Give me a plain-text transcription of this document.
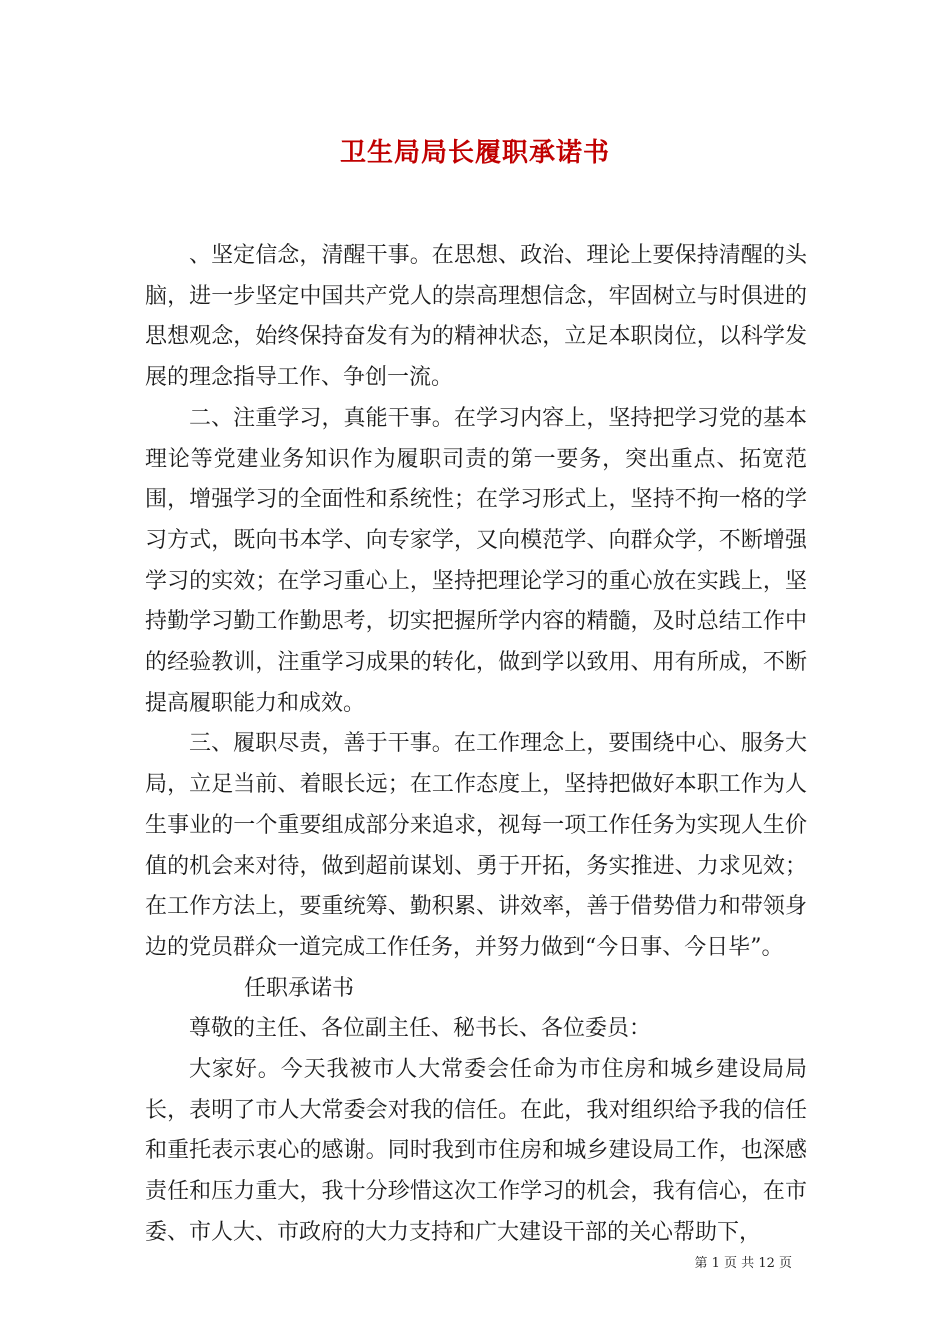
卫生局局长履职承诺书

、坚定信念，清醒干事。在思想、政治、理论上要保持清醒的头脑，进一步坚定中国共产党人的崇高理想信念，牢固树立与时俱进的思想观念，始终保持奋发有为的精神状态，立足本职岗位，以科学发展的理念指导工作、争创一流。

二、注重学习，真能干事。在学习内容上，坚持把学习党的基本理论等党建业务知识作为履职司责的第一要务，突出重点、拓宽范围，增强学习的全面性和系统性；在学习形式上，坚持不拘一格的学习方式，既向书本学、向专家学，又向模范学、向群众学，不断增强学习的实效；在学习重心上，坚持把理论学习的重心放在实践上，坚持勤学习勤工作勤思考，切实把握所学内容的精髓，及时总结工作中的经验教训，注重学习成果的转化，做到学以致用、用有所成，不断提高履职能力和成效。

三、履职尽责，善于干事。在工作理念上，要围绕中心、服务大局，立足当前、着眼长远；在工作态度上，坚持把做好本职工作为人生事业的一个重要组成部分来追求，视每一项工作任务为实现人生价值的机会来对待，做到超前谋划、勇于开拓，务实推进、力求见效；在工作方法上，要重统筹、勤积累、讲效率，善于借势借力和带领身边的党员群众一道完成工作任务，并努力做到“今日事、今日毕”。

任职承诺书

尊敬的主任、各位副主任、秘书长、各位委员：

大家好。今天我被市人大常委会任命为市住房和城乡建设局局长，表明了市人大常委会对我的信任。在此，我对组织给予我的信任和重托表示衷心的感谢。同时我到市住房和城乡建设局工作，也深感责任和压力重大，我十分珍惜这次工作学习的机会，我有信心，在市委、市人大、市政府的大力支持和广大建设干部的关心帮助下，

第 1 页 共 12 页
